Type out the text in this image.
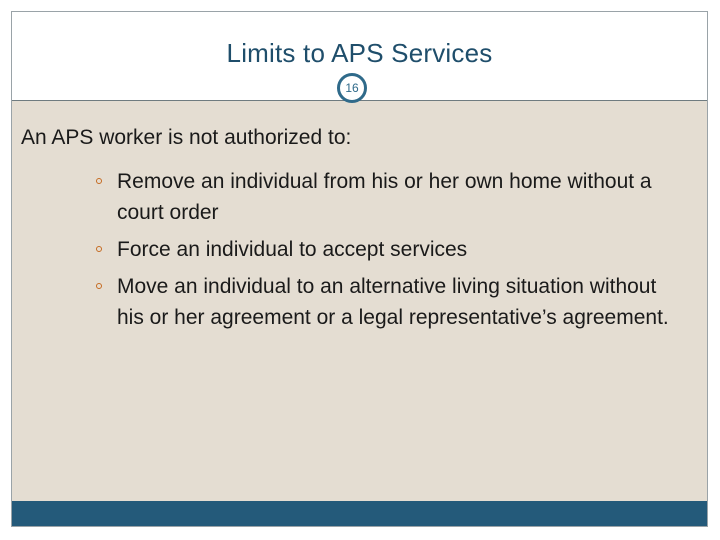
Limits to APS Services
16
An APS worker is not authorized to:
Remove an individual from his or her own home without a court order
Force an individual to accept services
Move an individual to an alternative living situation without his or her agreement or a legal representative’s agreement.
